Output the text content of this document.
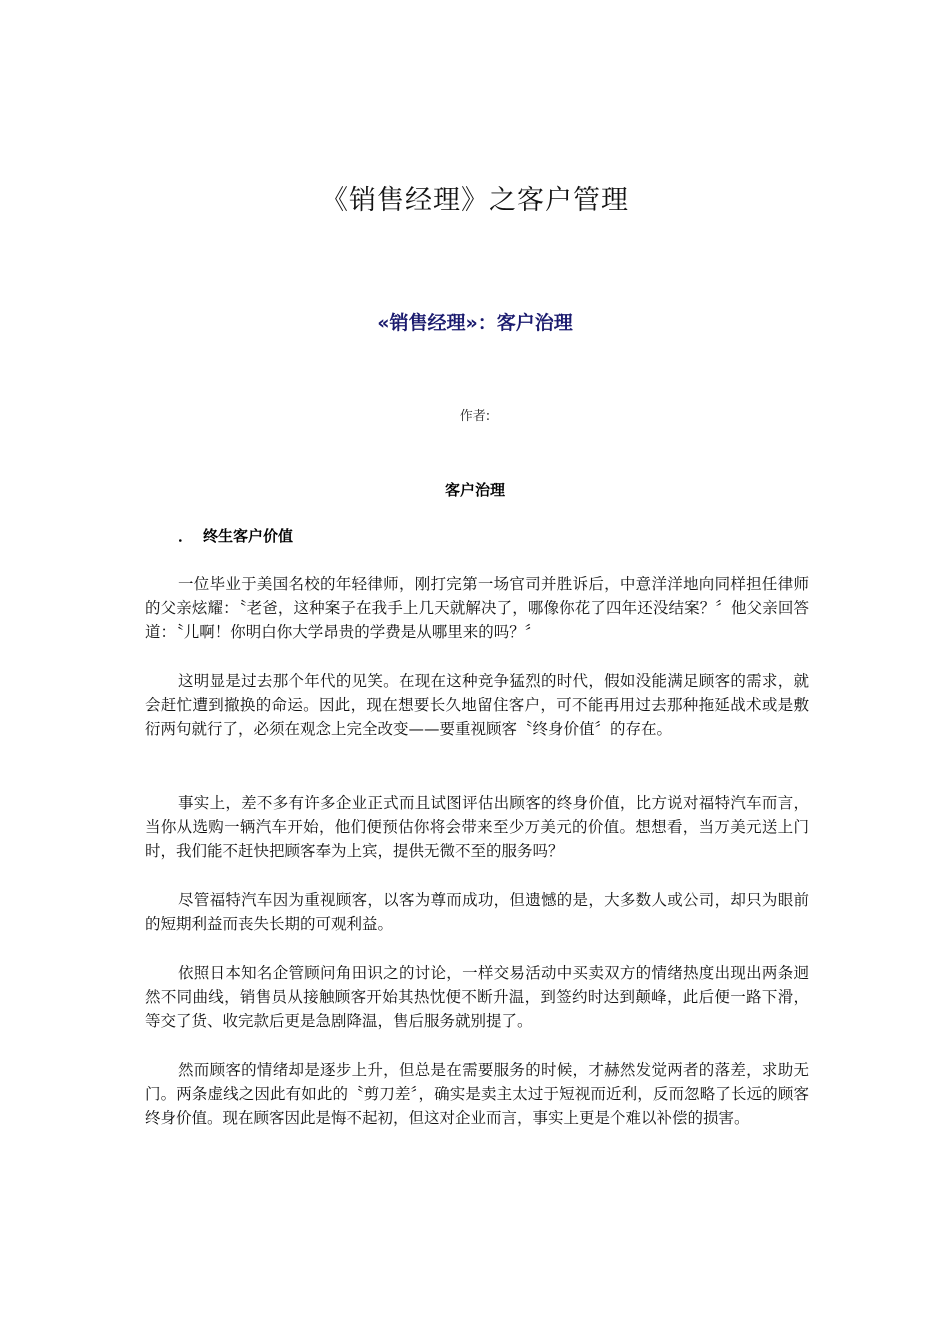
《销售经理》之客户管理
«销售经理»：客户治理
作者:
客户治理
． 终生客户价值

一位毕业于美国名校的年轻律师，刚打完第一场官司并胜诉后，中意洋洋地向同样担任律师的父亲炫耀：〝老爸，这种案子在我手上几天就解决了，哪像你花了四年还没结案？〞他父亲回答道：〝儿啊！你明白你大学昂贵的学费是从哪里来的吗？〞

这明显是过去那个年代的见笑。在现在这种竞争猛烈的时代，假如没能满足顾客的需求，就会赶忙遭到撤换的命运。因此，现在想要长久地留住客户，可不能再用过去那种拖延战术或是敷衍两句就行了，必须在观念上完全改变——要重视顾客〝终身价值〞的存在。

事实上，差不多有许多企业正式而且试图评估出顾客的终身价值，比方说对福特汽车而言，当你从选购一辆汽车开始，他们便预估你将会带来至少万美元的价值。想想看，当万美元送上门时，我们能不赶快把顾客奉为上宾，提供无微不至的服务吗？

尽管福特汽车因为重视顾客，以客为尊而成功，但遗憾的是，大多数人或公司，却只为眼前的短期利益而丧失长期的可观利益。

依照日本知名企管顾问角田识之的讨论，一样交易活动中买卖双方的情绪热度出现出两条迥然不同曲线，销售员从接触顾客开始其热忱便不断升温，到签约时达到颠峰，此后便一路下滑，等交了货、收完款后更是急剧降温，售后服务就别提了。

然而顾客的情绪却是逐步上升，但总是在需要服务的时候，才赫然发觉两者的落差，求助无门。两条虚线之因此有如此的〝剪刀差〞，确实是卖主太过于短视而近利，反而忽略了长远的顾客终身价值。现在顾客因此是悔不起初，但这对企业而言，事实上更是个难以补偿的损害。
